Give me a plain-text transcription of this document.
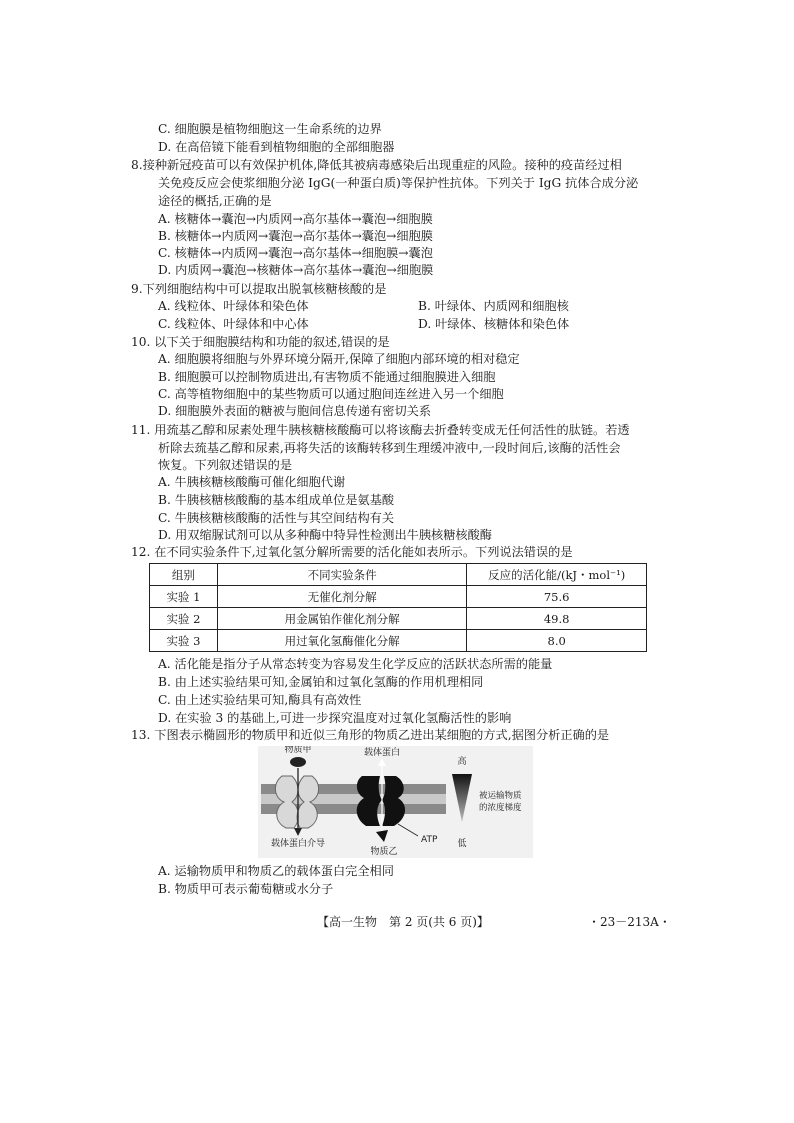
C. 细胞膜是植物细胞这一生命系统的边界
D. 在高倍镜下能看到植物细胞的全部细胞器
8.接种新冠疫苗可以有效保护机体,降低其被病毒感染后出现重症的风险。接种的疫苗经过相
关免疫反应会使浆细胞分泌 IgG(一种蛋白质)等保护性抗体。下列关于 IgG 抗体合成分泌
途径的概括,正确的是
A. 核糖体→囊泡→内质网→高尔基体→囊泡→细胞膜
B. 核糖体→内质网→囊泡→高尔基体→囊泡→细胞膜
C. 核糖体→内质网→囊泡→高尔基体→细胞膜→囊泡
D. 内质网→囊泡→核糖体→高尔基体→囊泡→细胞膜
9.下列细胞结构中可以提取出脱氧核糖核酸的是
A. 线粒体、叶绿体和染色体	B. 叶绿体、内质网和细胞核
C. 线粒体、叶绿体和中心体	D. 叶绿体、核糖体和染色体
10. 以下关于细胞膜结构和功能的叙述,错误的是
A. 细胞膜将细胞与外界环境分隔开,保障了细胞内部环境的相对稳定
B. 细胞膜可以控制物质进出,有害物质不能通过细胞膜进入细胞
C. 高等植物细胞中的某些物质可以通过胞间连丝进入另一个细胞
D. 细胞膜外表面的糖被与胞间信息传递有密切关系
11. 用巯基乙醇和尿素处理牛胰核糖核酸酶可以将该酶去折叠转变成无任何活性的肽链。若透
析除去巯基乙醇和尿素,再将失活的该酶转移到生理缓冲液中,一段时间后,该酶的活性会
恢复。下列叙述错误的是
A. 牛胰核糖核酸酶可催化细胞代谢
B. 牛胰核糖核酸酶的基本组成单位是氨基酸
C. 牛胰核糖核酸酶的活性与其空间结构有关
D. 用双缩脲试剂可以从多种酶中特异性检测出牛胰核糖核酸酶
12. 在不同实验条件下,过氧化氢分解所需要的活化能如表所示。下列说法错误的是
组别	不同实验条件	反应的活化能/(kJ・mol⁻¹)
实验 1	无催化剂分解	75.6
实验 2	用金属铂作催化剂分解	49.8
实验 3	用过氧化氢酶催化分解	8.0
A. 活化能是指分子从常态转变为容易发生化学反应的活跃状态所需的能量
B. 由上述实验结果可知,金属铂和过氧化氢酶的作用机理相同
C. 由上述实验结果可知,酶具有高效性
D. 在实验 3 的基础上,可进一步探究温度对过氧化氢酶活性的影响
13. 下图表示椭圆形的物质甲和近似三角形的物质乙进出某细胞的方式,据图分析正确的是
物质甲	载体蛋白
物质乙
ATP
载体蛋白介导
高
低
被运输物质
的浓度梯度
A. 运输物质甲和物质乙的载体蛋白完全相同
B. 物质甲可表示葡萄糖或水分子
【高一生物　第 2 页(共 6 页)】	・23－213A・
